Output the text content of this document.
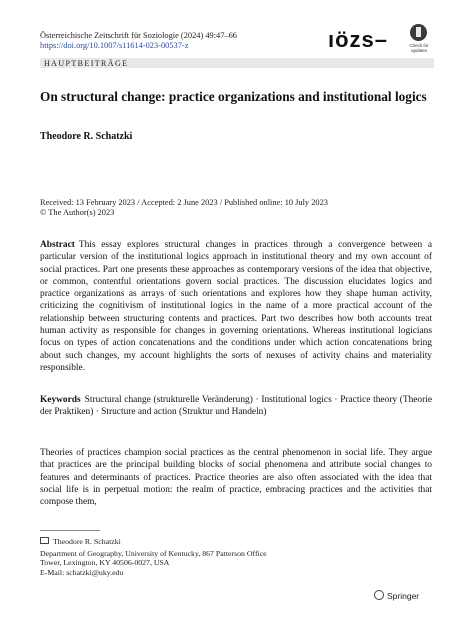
Österreichische Zeitschrift für Soziologie (2024) 49:47–66
https://doi.org/10.1007/s11614-023-00537-z	ıözs–	Check for updates
HAUPTBEITRÄGE
On structural change: practice organizations and institutional logics
Theodore R. Schatzki
Received: 13 February 2023 / Accepted: 2 June 2023 / Published online: 10 July 2023
© The Author(s) 2023

Abstract This essay explores structural changes in practices through a convergence between a particular version of the institutional logics approach in institutional theory and my own account of social practices. Part one presents these approaches as contemporary versions of the idea that objective, or common, contentful orientations govern social practices. The discussion elucidates logics and practice organizations as arrays of such orientations and explores how they shape human activity, criticizing the cognitivism of institutional logics in the name of a more practical account of the relationship between structuring contents and practices. Part two describes how both accounts treat human activity as responsible for changes in governing orientations. Whereas institutional logicians focus on types of action concatenations and the conditions under which action concatenations bring about such changes, my account highlights the sorts of nexuses of activity chains and materiality responsible.

Keywords Structural change (strukturelle Veränderung) · Institutional logics · Practice theory (Theorie der Praktiken) · Structure and action (Struktur und Handeln)

Theories of practices champion social practices as the central phenomenon in social life. They argue that practices are the principal building blocks of social phenomena and attribute social changes to features and determinants of practices. Practice theories are also often associated with the idea that social life is in perpetual motion: the realm of practice, embracing practices and the activities that compose them,

Theodore R. Schatzki
Department of Geography, University of Kentucky, 867 Patterson Office
Tower, Lexington, KY 40506-0027, USA
E-Mail: schatzki@uky.edu
Springer
